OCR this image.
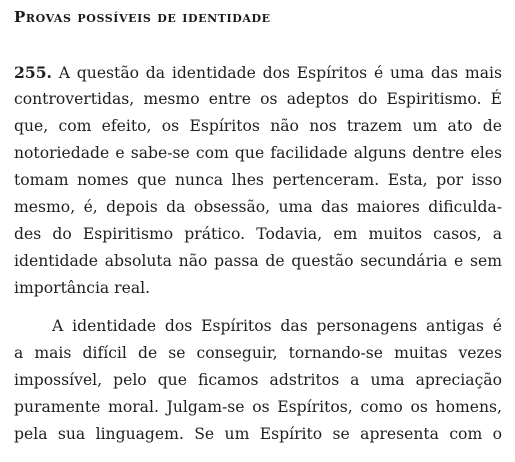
Provas possíveis de identidade
255. A questão da identidade dos Espíritos é uma das mais
controvertidas, mesmo entre os adeptos do Espiritismo. É
que, com efeito, os Espíritos não nos trazem um ato de
notoriedade e sabe-se com que facilidade alguns dentre eles
tomam nomes que nunca lhes pertenceram. Esta, por isso
mesmo, é, depois da obsessão, uma das maiores dificulda-
des do Espiritismo prático. Todavia, em muitos casos, a
identidade absoluta não passa de questão secundária e sem
importância real.
A identidade dos Espíritos das personagens antigas é
a mais difícil de se conseguir, tornando-se muitas vezes
impossível, pelo que ficamos adstritos a uma apreciação
puramente moral. Julgam-se os Espíritos, como os homens,
pela sua linguagem. Se um Espírito se apresenta com o
